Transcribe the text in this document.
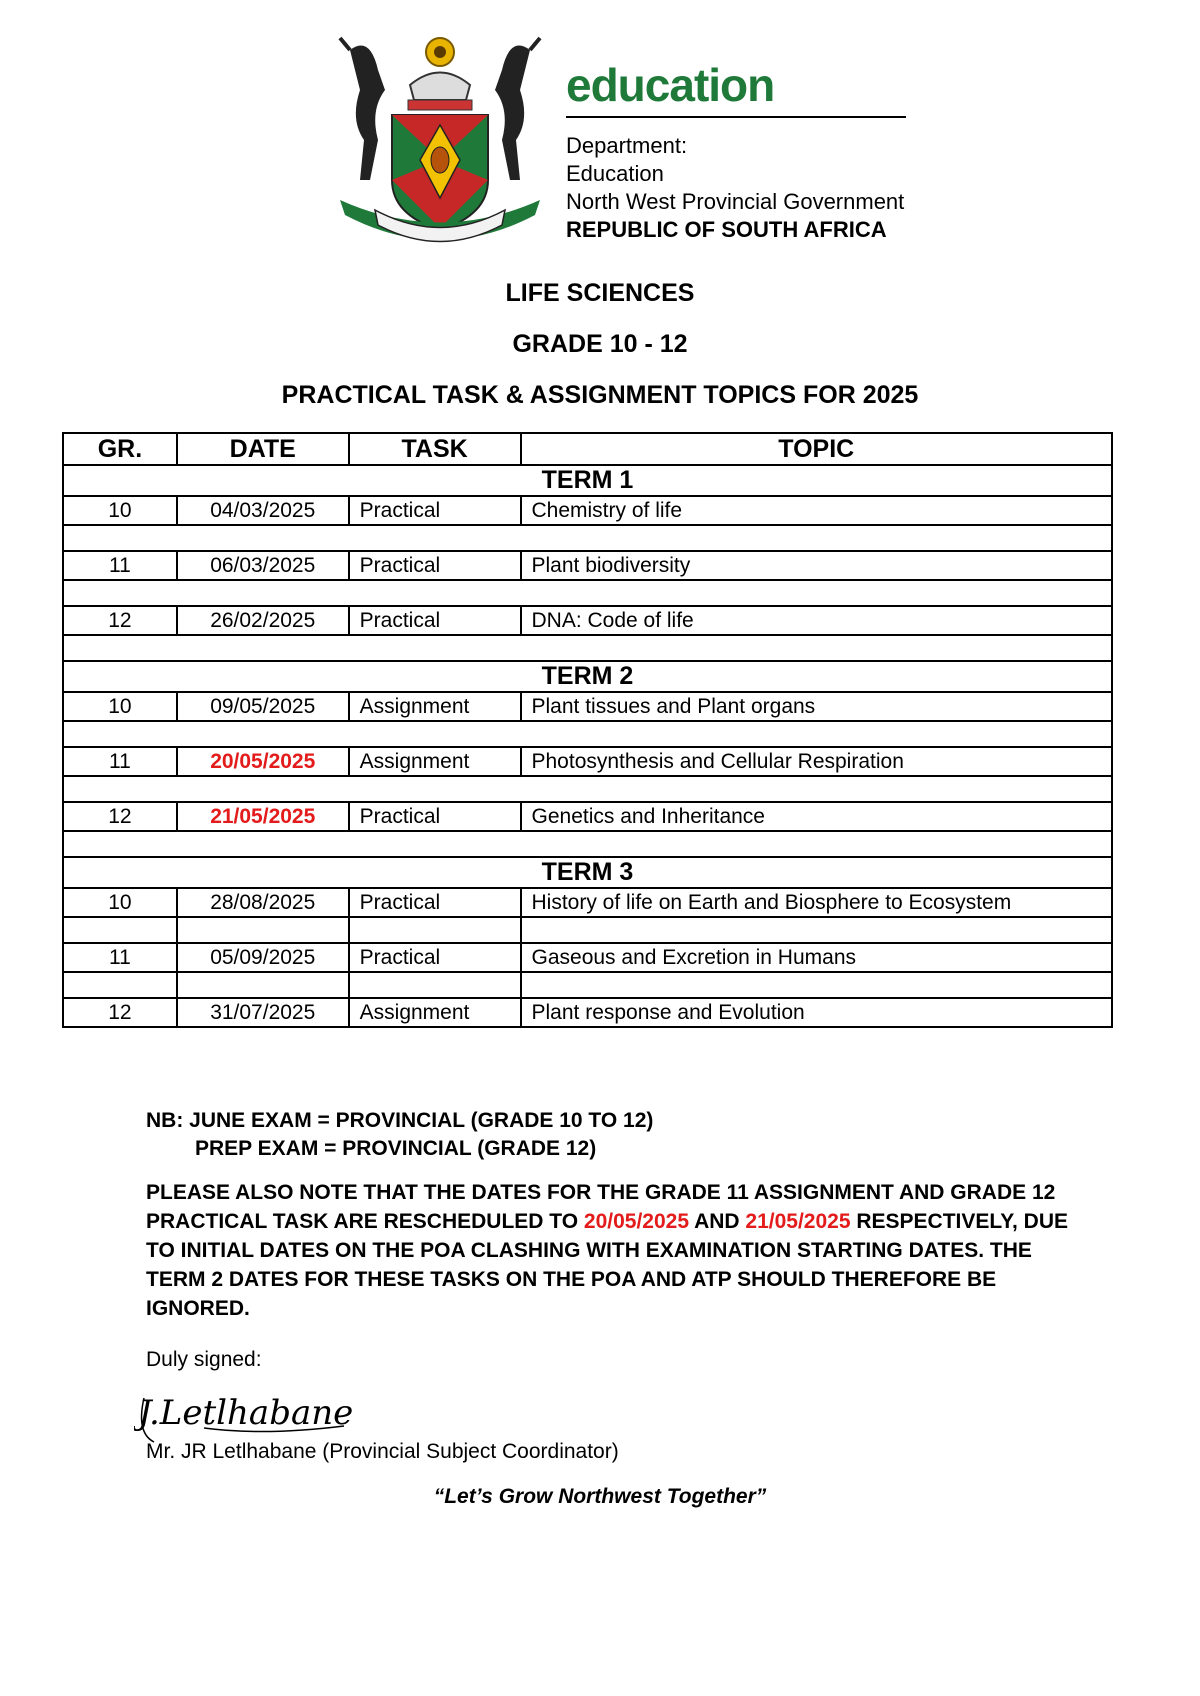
education
Department:
Education
North West Provincial Government
REPUBLIC OF SOUTH AFRICA
LIFE SCIENCES
GRADE 10 - 12
PRACTICAL TASK & ASSIGNMENT TOPICS FOR 2025
GR.	DATE	TASK	TOPIC
TERM 1			
10	04/03/2025	Practical	Chemistry of life

11	06/03/2025	Practical	Plant biodiversity

12	26/02/2025	Practical	DNA: Code of life

TERM 2			
10	09/05/2025	Assignment	Plant tissues and Plant organs

11	20/05/2025	Assignment	Photosynthesis and Cellular Respiration

12	21/05/2025	Practical	Genetics and Inheritance

TERM 3			
10	28/08/2025	Practical	History of life on Earth and Biosphere to Ecosystem

11	05/09/2025	Practical	Gaseous and Excretion in Humans

12	31/07/2025	Assignment	Plant response and Evolution
NB: JUNE EXAM = PROVINCIAL (GRADE 10 TO 12)
PREP EXAM = PROVINCIAL (GRADE 12)
PLEASE ALSO NOTE THAT THE DATES FOR THE GRADE 11 ASSIGNMENT AND GRADE 12 PRACTICAL TASK ARE RESCHEDULED TO 20/05/2025 AND 21/05/2025 RESPECTIVELY, DUE TO INITIAL DATES ON THE POA CLASHING WITH EXAMINATION STARTING DATES. THE TERM 2 DATES FOR THESE TASKS ON THE POA AND ATP SHOULD THEREFORE BE IGNORED.
Duly signed:
J.Letlhabane
Mr. JR Letlhabane (Provincial Subject Coordinator)
“Let’s Grow Northwest Together”
